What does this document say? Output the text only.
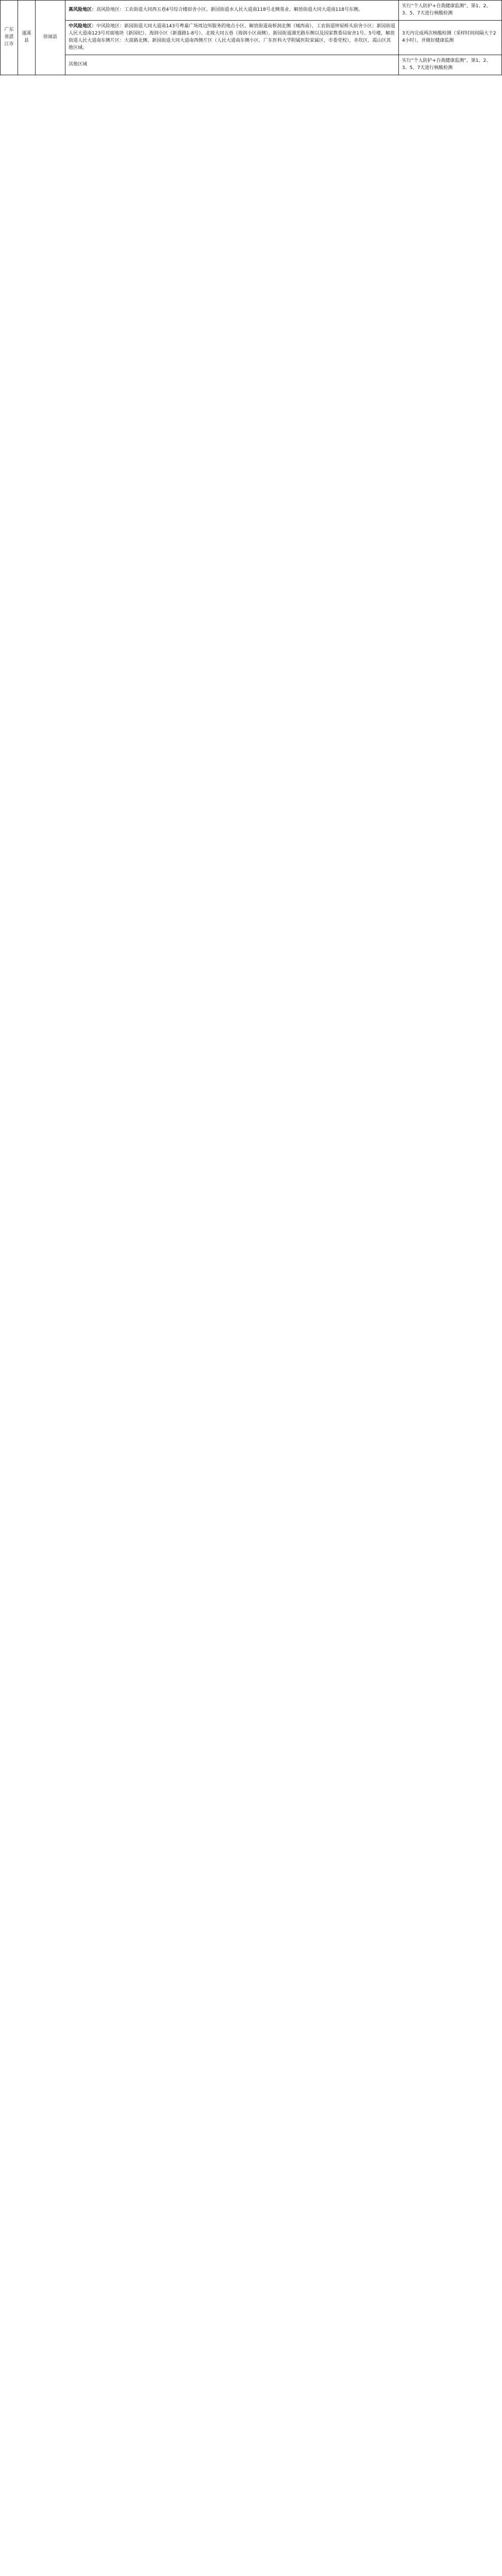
广东省湛江市	遂溪县	徐闻县	高风险地区：高风险地区：工农街道大同西五巷4号综合楼宿舍小区、新园街道水人民大道南118号北侧基业、解放街道大同大道南118号东侧。	实行“个人防护+自我健康监测”，第1、2、3、5、7天进行核酸检测
			中风险地区：中风险地区：新园街道大同大道南143号粤嘉广场周边所服务的地点小区、解放街道南桥洞北侧（城西南）、工农街道钟屋桥头宿舍小区；新园街道人民大道南123号对面地块（新国纪）、海润小区（新盛路1-8号）、北坡大同五巷（海润小区南侧）、新园街道湖光路东侧以及国家教委局宿舍1号、5号楼，解放街道人民大道南东侧片区：大富路北侧、新园街道大同大道南西侧片区（人民大道南东侧小区、广东医科大学附属医院家属区、市委党校），赤坎区、霞山区其他区域。	3天内完成两次核酸检测（采样时间间隔大于24小时），并做好健康监测
			其他区域	实行“个人防护+自我健康监测”，第1、2、3、5、7天进行核酸检测
